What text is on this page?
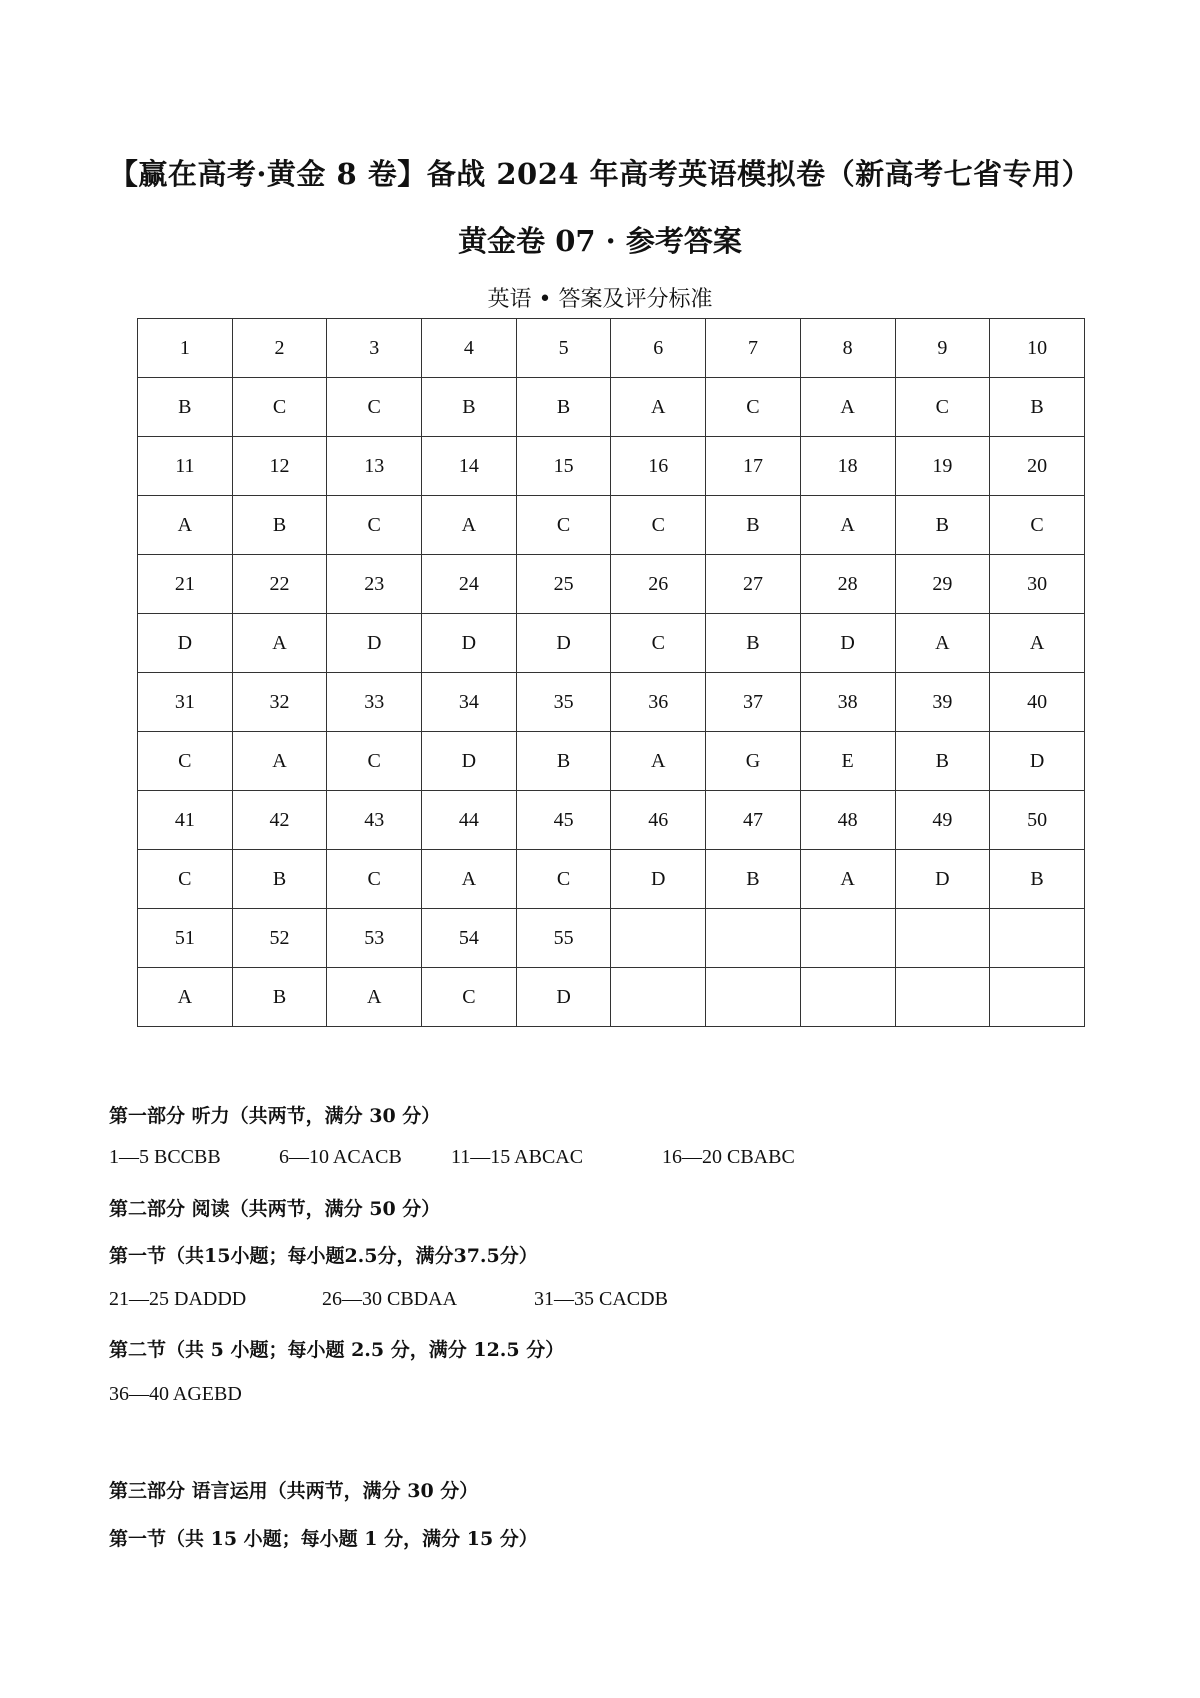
【赢在高考·黄金 8 卷】备战 2024 年高考英语模拟卷（新高考七省专用）
黄金卷 07 · 参考答案

英语 • 答案及评分标准

1	2	3	4	5	6	7	8	9	10
B	C	C	B	B	A	C	A	C	B
11	12	13	14	15	16	17	18	19	20
A	B	C	A	C	C	B	A	B	C
21	22	23	24	25	26	27	28	29	30
D	A	D	D	D	C	B	D	A	A
31	32	33	34	35	36	37	38	39	40
C	A	C	D	B	A	G	E	B	D
41	42	43	44	45	46	47	48	49	50
C	B	C	A	C	D	B	A	D	B
51	52	53	54	55					
A	B	A	C	D					

第一部分 听力（共两节，满分 30 分）

1—5 BCCBB	6—10 ACACB 11—15 ABCAC	16—20 CBABC

第二部分 阅读（共两节，满分 50 分）

第一节（共15小题；每小题2.5分，满分37.5分）

21—25 DADDD	26—30 CBDAA	31—35 CACDB

第二节（共 5 小题；每小题 2.5 分，满分 12.5 分）

36—40 AGEBD

第三部分 语言运用（共两节，满分 30 分）

第一节（共 15 小题；每小题 1 分，满分 15 分）
